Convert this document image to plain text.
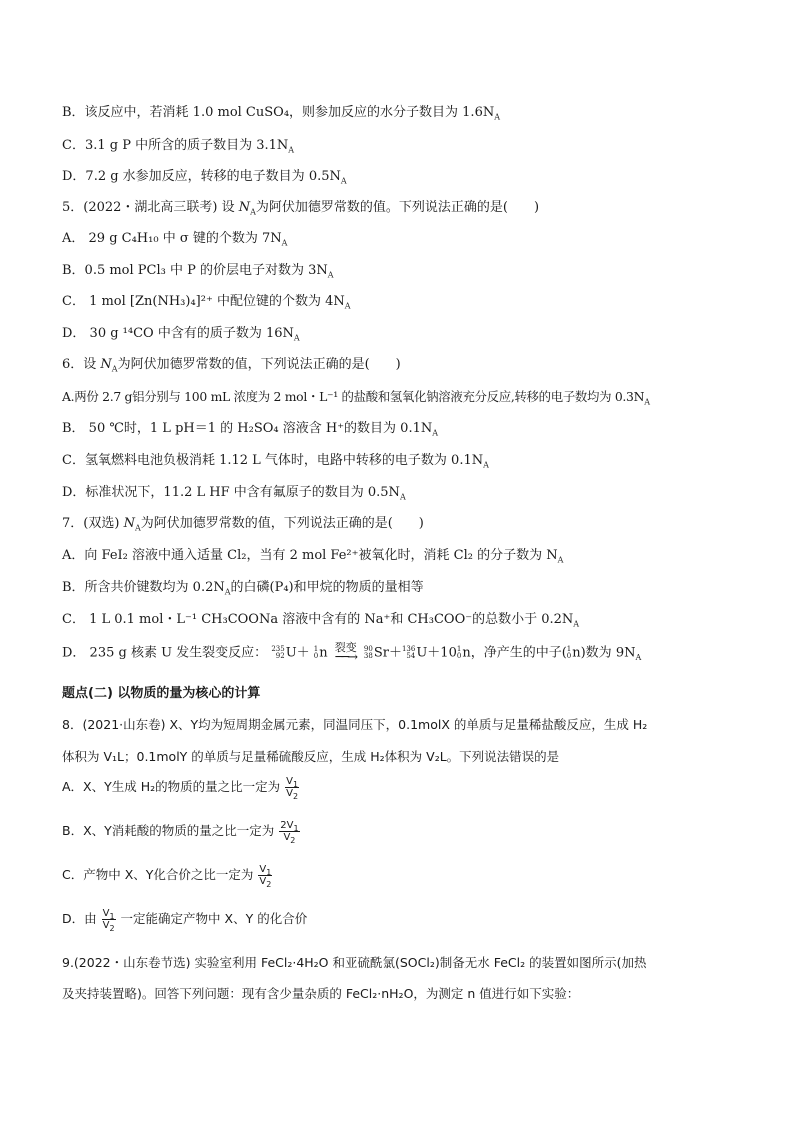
B．该反应中，若消耗 1.0 mol CuSO₄，则参加反应的水分子数目为 $1.6N_A$
C．3.1 g P 中所含的质子数目为 $3.1N_A$
D．7.2 g 水参加反应，转移的电子数目为 $0.5N_A$
5．(2022・湖北高三联考) 设 $N_A$为阿伏加德罗常数的值。下列说法正确的是(　　)
A． 29 g C₄H₁₀ 中 σ 键的个数为 $7N_A$
B．0.5 mol PCl₃ 中 P 的价层电子对数为 $3N_A$
C． 1 mol [Zn(NH₃)₄]²⁺ 中配位键的个数为 $4N_A$
D． 30 g ¹⁴CO 中含有的质子数为 $16N_A$
6．设 $N_A$为阿伏加德罗常数的值，下列说法正确的是(　　)
A.两份 2.7 g铝分别与 100 mL 浓度为 2 mol・L⁻¹ 的盐酸和氢氧化钠溶液充分反应,转移的电子数均为 $0.3N_A$
B． 50 ℃时，1 L pH＝1 的 H₂SO₄ 溶液含 H⁺的数目为 $0.1N_A$
C．氢氧燃料电池负极消耗 1.12 L 气体时，电路中转移的电子数为 $0.1N_A$
D．标准状况下，11.2 L HF 中含有氟原子的数目为 $0.5N_A$
7．(双选) $N_A$为阿伏加德罗常数的值，下列说法正确的是(　　)
A．向 FeI₂ 溶液中通入适量 Cl₂，当有 2 mol Fe²⁺被氧化时，消耗 Cl₂ 的分子数为 $N_A$
B．所含共价键数均为 $0.2N_A$的白磷(P₄)和甲烷的物质的量相等
C． 1 L 0.1 mol・L⁻¹ CH₃COONa 溶液中含有的 Na⁺和 CH₃COO⁻的总数小于 $0.2N_A$
D． 235 g 核素 U 发生裂变反应： 235
92 U＋ 1
0 n 裂变
──→

90
38 Sr＋ 136
54 U＋10 1
0 n，净产生的中子( 1
0 n)数为 $9N_A$
题点(二) 以物质的量为核心的计算
8．(2021·山东卷) X、Y均为短周期金属元素，同温同压下，0.1molX 的单质与足量稀盐酸反应，生成 H₂
体积为 V₁L；0.1molY 的单质与足量稀硫酸反应，生成 H₂体积为 V₂L。下列说法错误的是
A．X、Y生成 H₂的物质的量之比一定为 $\frac{V_1}{V_2}$
B．X、Y消耗酸的物质的量之比一定为 $\frac{2V_1}{V_2}$
C．产物中 X、Y化合价之比一定为 $\frac{V_1}{V_2}$
D．由 $\frac{V_1}{V_2}$ 一定能确定产物中 X、Y 的化合价
9.(2022・山东卷节选) 实验室利用 FeCl₂·4H₂O 和亚硫酰氯(SOCl₂)制备无水 FeCl₂ 的装置如图所示(加热
及夹持装置略)。回答下列问题：现有含少量杂质的 FeCl₂·nH₂O，为测定 n 值进行如下实验：
